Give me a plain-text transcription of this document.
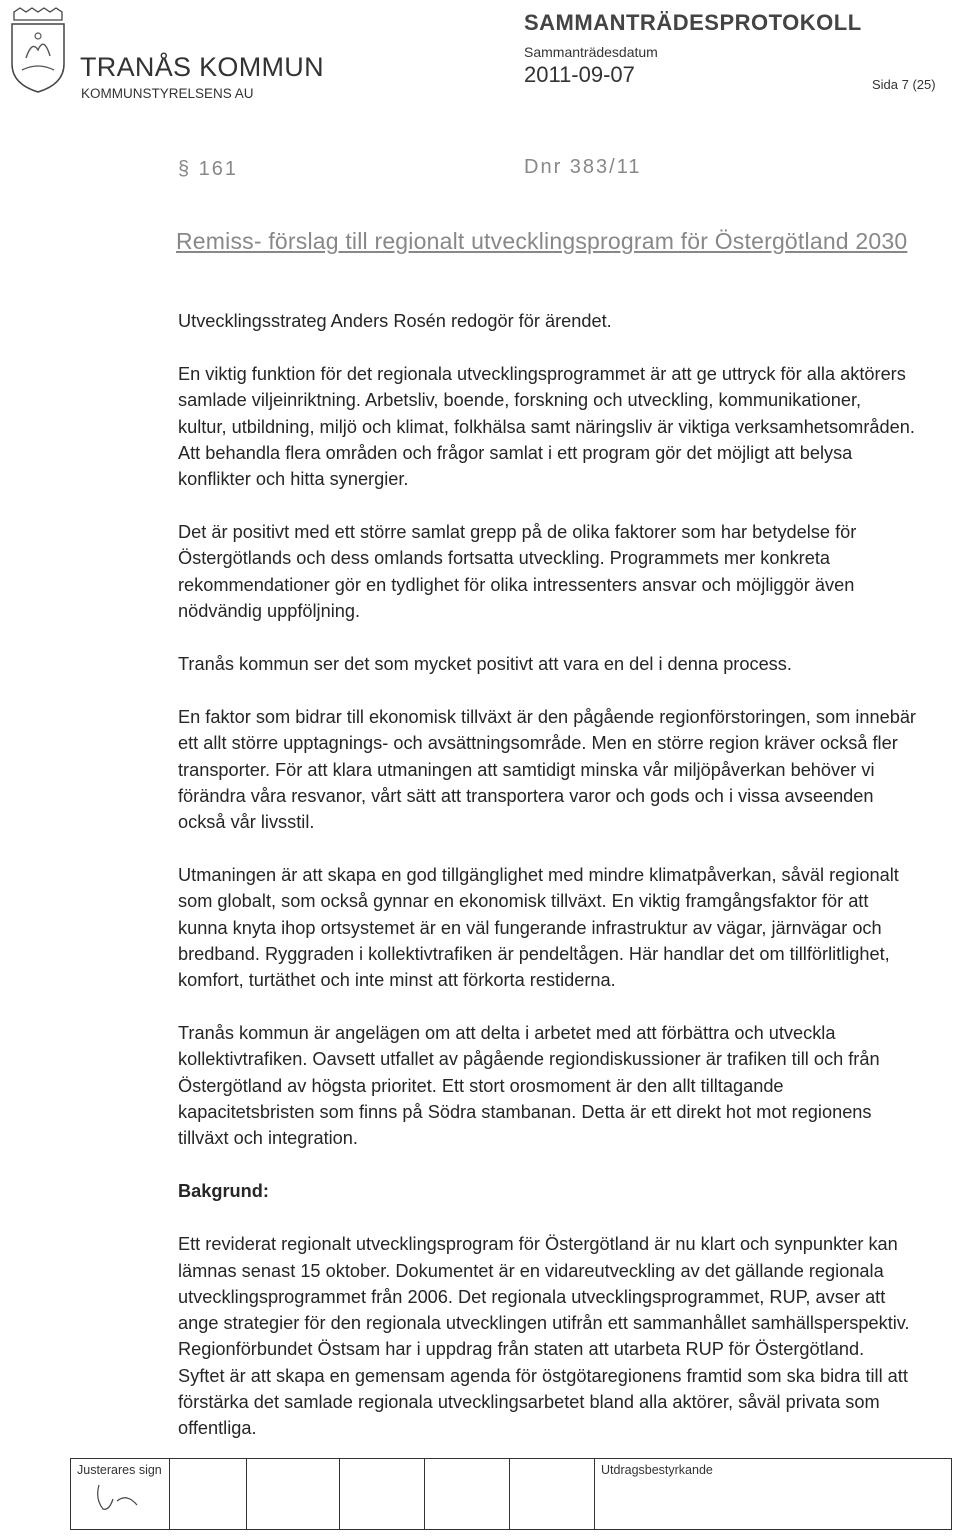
TRANÅS KOMMUN
KOMMUNSTYRELSENS AU
SAMMANTRÄDESPROTOKOLL
Sammanträdesdatum
2011-09-07	Sida 7 (25)
§ 161	Dnr 383/11
Remiss- förslag till regionalt utvecklingsprogram för Östergötland 2030

Utvecklingsstrateg Anders Rosén redogör för ärendet.

En viktig funktion för det regionala utvecklingsprogrammet är att ge uttryck för alla aktörers
samlade viljeinriktning. Arbetsliv, boende, forskning och utveckling, kommunikationer,
kultur, utbildning, miljö och klimat, folkhälsa samt näringsliv är viktiga verksamhetsområden.
Att behandla flera områden och frågor samlat i ett program gör det möjligt att belysa
konflikter och hitta synergier.

Det är positivt med ett större samlat grepp på de olika faktorer som har betydelse för
Östergötlands och dess omlands fortsatta utveckling. Programmets mer konkreta
rekommendationer gör en tydlighet för olika intressenters ansvar och möjliggör även
nödvändig uppföljning.

Tranås kommun ser det som mycket positivt att vara en del i denna process.

En faktor som bidrar till ekonomisk tillväxt är den pågående regionförstoringen, som innebär
ett allt större upptagnings- och avsättningsområde. Men en större region kräver också fler
transporter. För att klara utmaningen att samtidigt minska vår miljöpåverkan behöver vi
förändra våra resvanor, vårt sätt att transportera varor och gods och i vissa avseenden
också vår livsstil.

Utmaningen är att skapa en god tillgänglighet med mindre klimatpåverkan, såväl regionalt
som globalt, som också gynnar en ekonomisk tillväxt. En viktig framgångsfaktor för att
kunna knyta ihop ortsystemet är en väl fungerande infrastruktur av vägar, järnvägar och
bredband. Ryggraden i kollektivtrafiken är pendeltågen. Här handlar det om tillförlitlighet,
komfort, turtäthet och inte minst att förkorta restiderna.

Tranås kommun är angelägen om att delta i arbetet med att förbättra och utveckla
kollektivtrafiken. Oavsett utfallet av pågående regiondiskussioner är trafiken till och från
Östergötland av högsta prioritet. Ett stort orosmoment är den allt tilltagande
kapacitetsbristen som finns på Södra stambanan. Detta är ett direkt hot mot regionens
tillväxt och integration.

Bakgrund:

Ett reviderat regionalt utvecklingsprogram för Östergötland är nu klart och synpunkter kan
lämnas senast 15 oktober. Dokumentet är en vidareutveckling av det gällande regionala
utvecklingsprogrammet från 2006. Det regionala utvecklingsprogrammet, RUP, avser att
ange strategier för den regionala utvecklingen utifrån ett sammanhållet samhällsperspektiv.
Regionförbundet Östsam har i uppdrag från staten att utarbeta RUP för Östergötland.
Syftet är att skapa en gemensam agenda för östgötaregionens framtid som ska bidra till att
förstärka det samlade regionala utvecklingsarbetet bland alla aktörer, såväl privata som
offentliga.

Justerares sign						Utdragsbestyrkande
